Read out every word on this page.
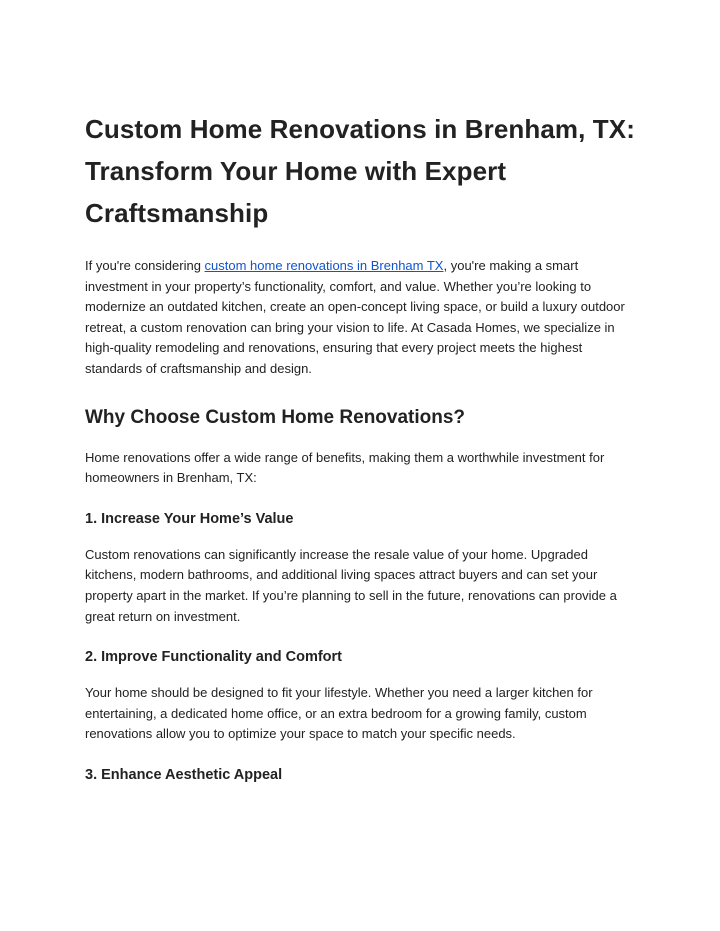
Custom Home Renovations in Brenham, TX: Transform Your Home with Expert Craftsmanship

If you're considering custom home renovations in Brenham TX, you're making a smart investment in your property’s functionality, comfort, and value. Whether you’re looking to modernize an outdated kitchen, create an open-concept living space, or build a luxury outdoor retreat, a custom renovation can bring your vision to life. At Casada Homes, we specialize in high-quality remodeling and renovations, ensuring that every project meets the highest standards of craftsmanship and design.

Why Choose Custom Home Renovations?

Home renovations offer a wide range of benefits, making them a worthwhile investment for homeowners in Brenham, TX:

1. Increase Your Home’s Value

Custom renovations can significantly increase the resale value of your home. Upgraded kitchens, modern bathrooms, and additional living spaces attract buyers and can set your property apart in the market. If you’re planning to sell in the future, renovations can provide a great return on investment.

2. Improve Functionality and Comfort

Your home should be designed to fit your lifestyle. Whether you need a larger kitchen for entertaining, a dedicated home office, or an extra bedroom for a growing family, custom renovations allow you to optimize your space to match your specific needs.

3. Enhance Aesthetic Appeal
